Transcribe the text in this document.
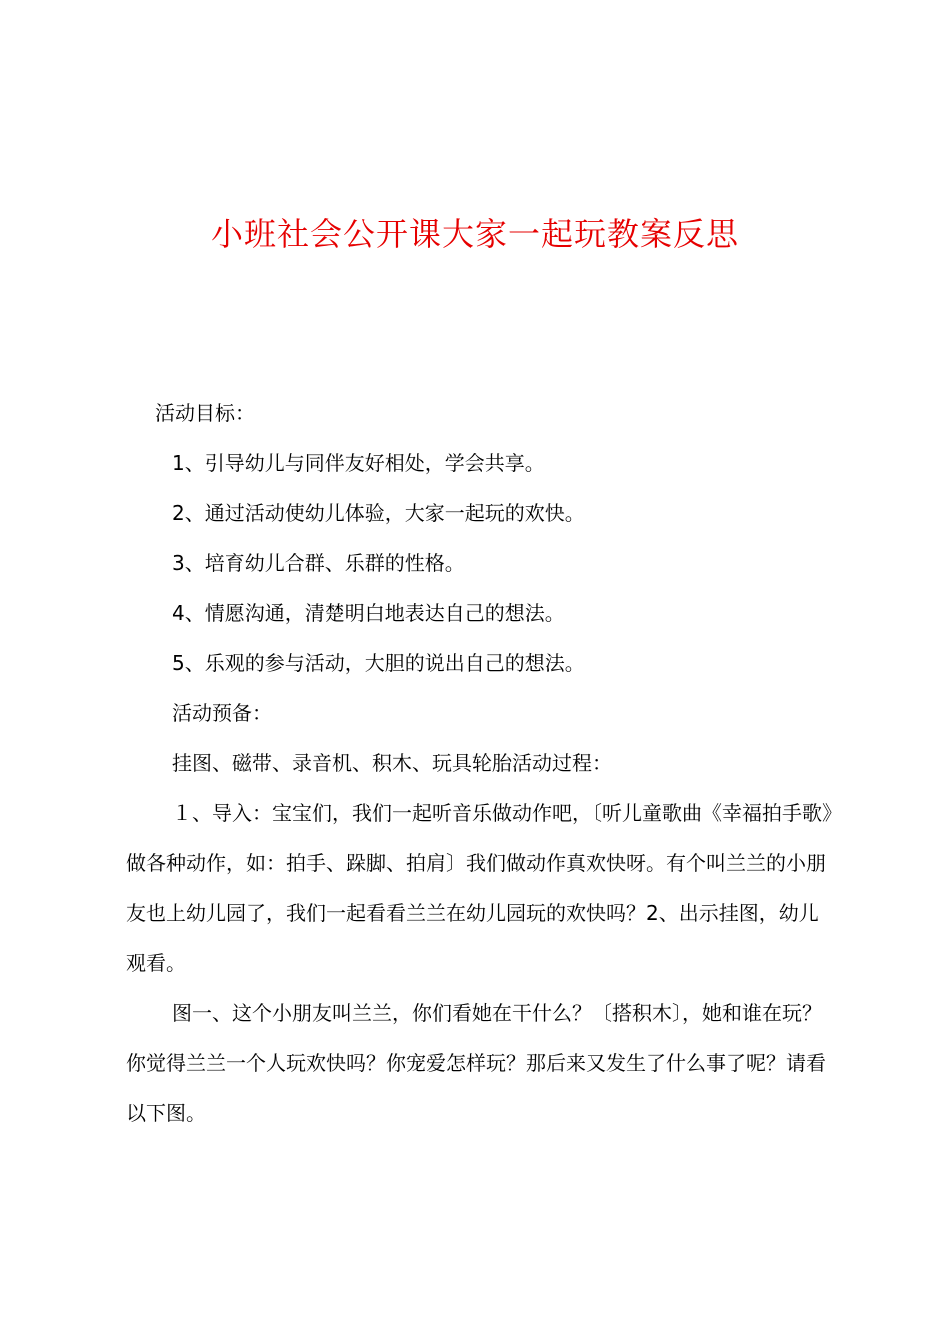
小班社会公开课大家一起玩教案反思
活动目标：
1、引导幼儿与同伴友好相处，学会共享。
2、通过活动使幼儿体验，大家一起玩的欢快。
3、培育幼儿合群、乐群的性格。
4、情愿沟通，清楚明白地表达自己的想法。
5、乐观的参与活动，大胆的说出自己的想法。
活动预备：
挂图、磁带、录音机、积木、玩具轮胎活动过程：
１、导入：宝宝们，我们一起听音乐做动作吧，〔听儿童歌曲《幸福拍手歌》做各种动作，如：拍手、跺脚、拍肩〕我们做动作真欢快呀。有个叫兰兰的小朋友也上幼儿园了，我们一起看看兰兰在幼儿园玩的欢快吗？2、出示挂图，幼儿观看。
图一、这个小朋友叫兰兰，你们看她在干什么？〔搭积木〕，她和谁在玩？你觉得兰兰一个人玩欢快吗？你宠爱怎样玩？那后来又发生了什么事了呢？请看以下图。
